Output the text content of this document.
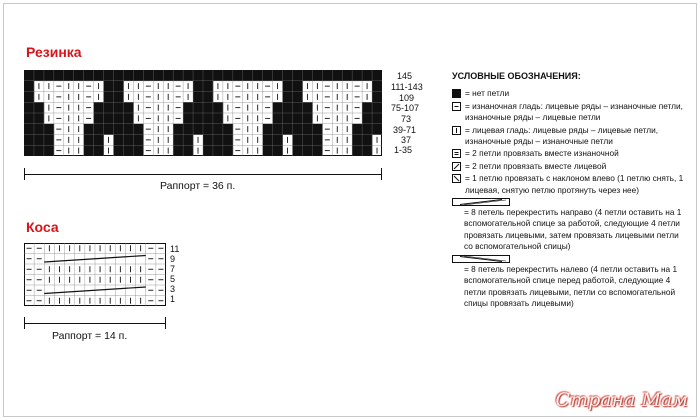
Резинка
145
111-143
109
75-107
73
39-71
37
1-35
Раппорт = 36 п.
Коса
11
9
7
5
3
1
Раппорт = 14 п.
УСЛОВНЫЕ ОБОЗНАЧЕНИЯ:
= нет петли
= изнаночная гладь: лицевые ряды – изнаночные петли, изнаночные ряды – лицевые петли
= лицевая гладь: лицевые ряды – лицевые петли, изнаночные ряды – изнаночные петли
= 2 петли провязать вместе изнаночной
= 2 петли провязать вместе лицевой
= 1 петлю провязать с наклоном влево (1 петлю снять, 1 лицевая, снятую петлю протянуть через нее)
= 8 петель перекрестить направо (4 петли оставить на 1 вспомогательной спице за работой, следующие 4 петли провязать лицевыми, затем провязать лицевыми петли со вспомогательной спицы)
= 8 петель перекрестить налево (4 петли оставить на 1 вспомогательной спице перед работой, следующие 4 петли провязать лицевыми, петли со вспомогательной спицы провязать лицевыми)
Страна Мам
